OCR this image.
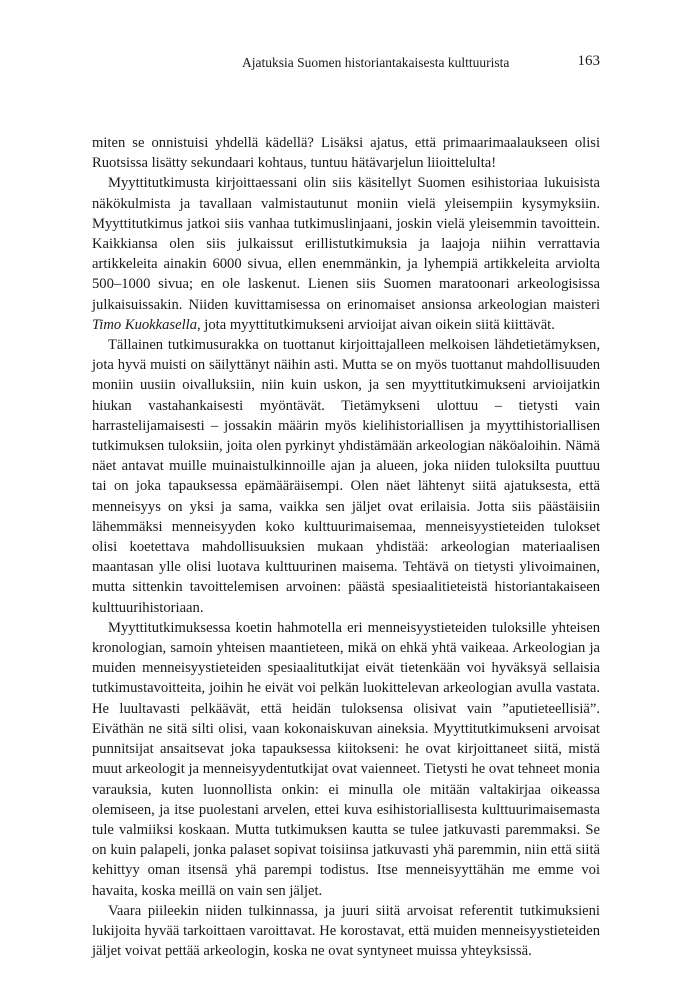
Ajatuksia Suomen historiantakaisesta kulttuurista	163

miten se onnistuisi yhdellä kädellä? Lisäksi ajatus, että primaarimaalaukseen olisi Ruotsissa lisätty sekundaari kohtaus, tuntuu hätävarjelun liioittelulta!

Myyttitutkimusta kirjoittaessani olin siis käsitellyt Suomen esihistoriaa lukuisista näkökulmista ja tavallaan valmistautunut moniin vielä yleisempiin kysymyksiin. Myyttitutkimus jatkoi siis vanhaa tutkimuslinjaani, joskin vielä yleisemmin tavoittein. Kaikkiansa olen siis julkaissut erillistutkimuksia ja laajoja niihin verrattavia artikkeleita ainakin 6000 sivua, ellen enemmänkin, ja lyhempiä artikkeleita arviolta 500–1000 sivua; en ole laskenut. Lienen siis Suomen maratoonari arkeologisissa julkaisuissakin. Niiden kuvittamisessa on erinomaiset ansionsa arkeologian maisteri Timo Kuokkasella, jota myyttitutkimukseni arvioijat aivan oikein siitä kiittävät.

Tällainen tutkimusurakka on tuottanut kirjoittajalleen melkoisen lähdetietämyksen, jota hyvä muisti on säilyttänyt näihin asti. Mutta se on myös tuottanut mahdollisuuden moniin uusiin oivalluksiin, niin kuin uskon, ja sen myyttitutkimukseni arvioijatkin hiukan vastahankaisesti myöntävät. Tietämykseni ulottuu – tietysti vain harrastelijamaisesti – jossakin määrin myös kielihistoriallisen ja myyttihistoriallisen tutkimuksen tuloksiin, joita olen pyrkinyt yhdistämään arkeologian näköaloihin. Nämä näet antavat muille muinaistulkinnoille ajan ja alueen, joka niiden tuloksilta puuttuu tai on joka tapauksessa epämääräisempi. Olen näet lähtenyt siitä ajatuksesta, että menneisyys on yksi ja sama, vaikka sen jäljet ovat erilaisia. Jotta siis päästäisiin lähemmäksi menneisyyden koko kulttuurimaisemaa, menneisyystieteiden tulokset olisi koetettava mahdollisuuksien mukaan yhdistää: arkeologian materiaalisen maantasan ylle olisi luotava kulttuurinen maisema. Tehtävä on tietysti ylivoimainen, mutta sittenkin tavoittelemisen arvoinen: päästä spesiaalitieteistä historiantakaiseen kulttuurihistoriaan.

Myyttitutkimuksessa koetin hahmotella eri menneisyystieteiden tuloksille yhteisen kronologian, samoin yhteisen maantieteen, mikä on ehkä yhtä vaikeaa. Arkeologian ja muiden menneisyystieteiden spesiaalitutkijat eivät tietenkään voi hyväksyä sellaisia tutkimustavoitteita, joihin he eivät voi pelkän luokittelevan arkeologian avulla vastata. He luultavasti pelkäävät, että heidän tuloksensa olisivat vain ”aputieteellisiä”. Eiväthän ne sitä silti olisi, vaan kokonaiskuvan aineksia. Myyttitutkimukseni arvoisat punnitsijat ansaitsevat joka tapauksessa kiitokseni: he ovat kirjoittaneet siitä, mistä muut arkeologit ja menneisyydentutkijat ovat vaienneet. Tietysti he ovat tehneet monia varauksia, kuten luonnollista onkin: ei minulla ole mitään valtakirjaa oikeassa olemiseen, ja itse puolestani arvelen, ettei kuva esihistoriallisesta kulttuurimaisemasta tule valmiiksi koskaan. Mutta tutkimuksen kautta se tulee jatkuvasti paremmaksi. Se on kuin palapeli, jonka palaset sopivat toisiinsa jatkuvasti yhä paremmin, niin että siitä kehittyy oman itsensä yhä parempi todistus. Itse menneisyyttähän me emme voi havaita, koska meillä on vain sen jäljet.

Vaara piileekin niiden tulkinnassa, ja juuri siitä arvoisat referentit tutkimuksieni lukijoita hyvää tarkoittaen varoittavat. He korostavat, että muiden menneisyystieteiden jäljet voivat pettää arkeologin, koska ne ovat syntyneet muissa yhteyksissä.
